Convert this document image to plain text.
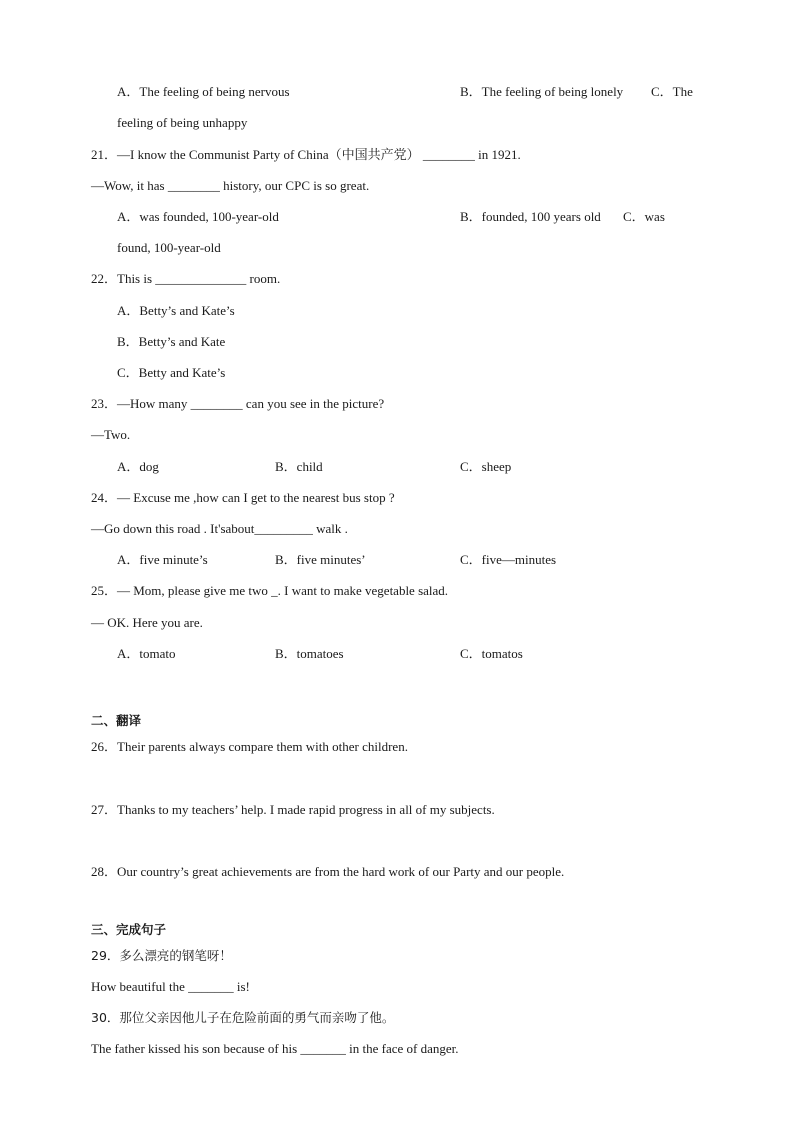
A．The feeling of being nervous	B．The feeling of being lonely C．The
feeling of being unhappy
21．—I know the Communist Party of China（中国共产党） ________ in 1921.
—Wow, it has ________ history, our CPC is so great.
A．was founded, 100-year-old	B．founded, 100 years old C．was
found, 100-year-old
22．This is ______________ room.
A．Betty’s and Kate’s
B．Betty’s and Kate
C．Betty and Kate’s
23．—How many ________ can you see in the picture?
—Two.
A．dog	B．child	C．sheep
24．— Excuse me ,how can I get to the nearest bus stop ?
—Go down this road . It'sabout_________ walk .
A．five minute’s	B．five minutes’	C．five—minutes
25．— Mom, please give me two _. I want to make vegetable salad.
— OK. Here you are.
A．tomato	B．tomatoes	C．tomatos
二、翻译
26．Their parents always compare them with other children.
27．Thanks to my teachers’ help. I made rapid progress in all of my subjects.
28．Our country’s great achievements are from the hard work of our Party and our people.
三、完成句子
29．多么漂亮的钢笔呀！
How beautiful the _______ is!
30．那位父亲因他儿子在危险前面的勇气而亲吻了他。
The father kissed his son because of his _______ in the face of danger.
